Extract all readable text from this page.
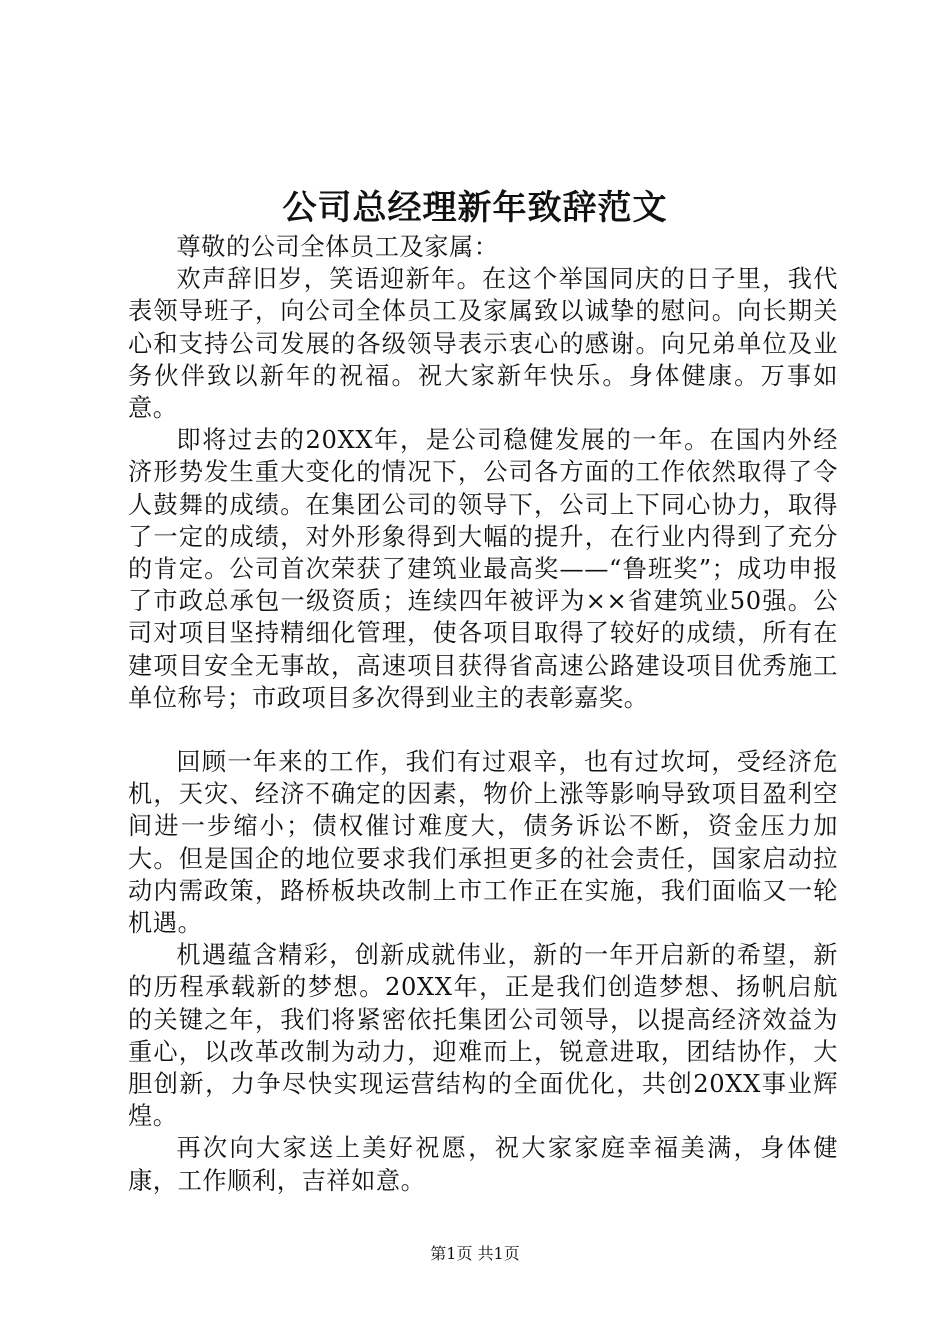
公司总经理新年致辞范文

尊敬的公司全体员工及家属：

欢声辞旧岁，笑语迎新年。在这个举国同庆的日子里，我代表领导班子，向公司全体员工及家属致以诚挚的慰问。向长期关心和支持公司发展的各级领导表示衷心的感谢。向兄弟单位及业务伙伴致以新年的祝福。祝大家新年快乐。身体健康。万事如意。

即将过去的20XX年，是公司稳健发展的一年。在国内外经济形势发生重大变化的情况下，公司各方面的工作依然取得了令人鼓舞的成绩。在集团公司的领导下，公司上下同心协力，取得了一定的成绩，对外形象得到大幅的提升，在行业内得到了充分的肯定。公司首次荣获了建筑业最高奖——“鲁班奖”；成功申报了市政总承包一级资质；连续四年被评为××省建筑业50强。公司对项目坚持精细化管理，使各项目取得了较好的成绩，所有在建项目安全无事故，高速项目获得省高速公路建设项目优秀施工单位称号；市政项目多次得到业主的表彰嘉奖。

回顾一年来的工作，我们有过艰辛，也有过坎坷，受经济危机，天灾、经济不确定的因素，物价上涨等影响导致项目盈利空间进一步缩小；债权催讨难度大，债务诉讼不断，资金压力加大。但是国企的地位要求我们承担更多的社会责任，国家启动拉动内需政策，路桥板块改制上市工作正在实施，我们面临又一轮机遇。

机遇蕴含精彩，创新成就伟业，新的一年开启新的希望，新的历程承载新的梦想。20XX年，正是我们创造梦想、扬帆启航的关键之年，我们将紧密依托集团公司领导，以提高经济效益为重心，以改革改制为动力，迎难而上，锐意进取，团结协作，大胆创新，力争尽快实现运营结构的全面优化，共创20XX事业辉煌。

再次向大家送上美好祝愿，祝大家家庭幸福美满，身体健康，工作顺利，吉祥如意。

第1页 共1页
